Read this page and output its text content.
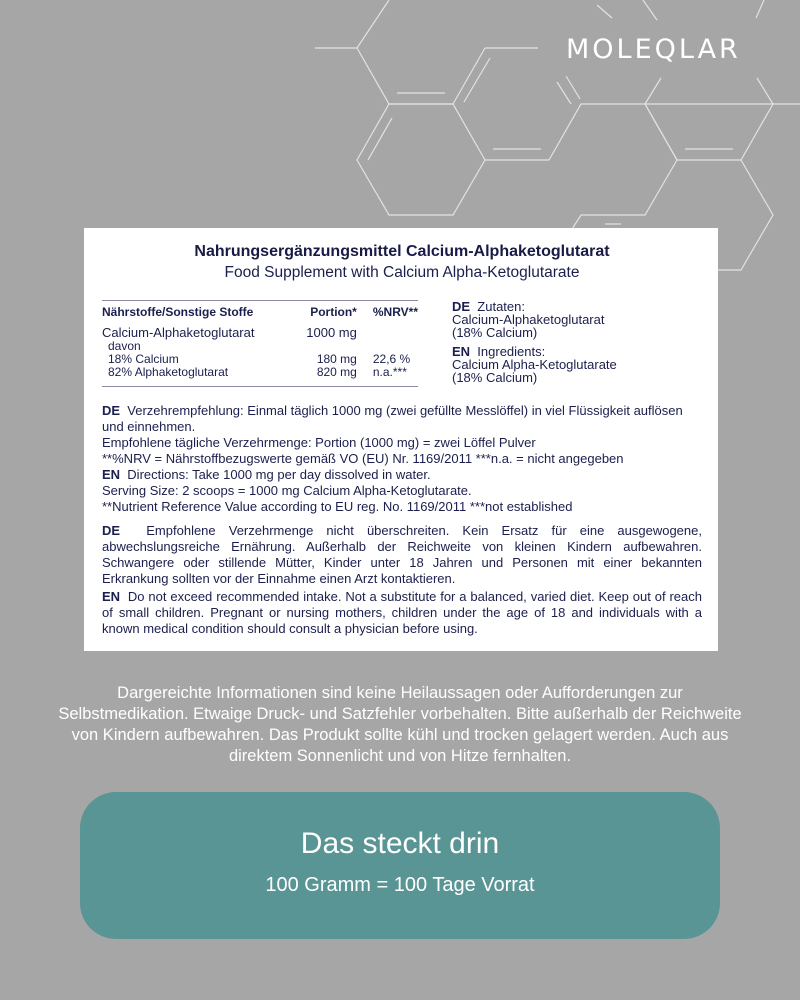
MOLEQLAR
Nahrungsergänzungsmittel Calcium-Alphaketoglutarat
Food Supplement with Calcium Alpha-Ketoglutarate
Nährstoffe/Sonstige Stoffe	Portion*	%NRV**
Calcium-Alphaketoglutarat	1000 mg	
davon		
18% Calcium	180 mg	22,6 %
82% Alphaketoglutarat	820 mg	n.a.***

DE Zutaten:
Calcium-Alphaketoglutarat
(18% Calcium)

EN Ingredients:
Calcium Alpha-Ketoglutarate
(18% Calcium)

DE Verzehrempfehlung: Einmal täglich 1000 mg (zwei gefüllte Messlöffel) in viel Flüssigkeit auflösen und einnehmen.

Empfohlene tägliche Verzehrmenge: Portion (1000 mg) = zwei Löffel Pulver

**%NRV = Nährstoffbezugswerte gemäß VO (EU) Nr. 1169/2011 ***n.a. = nicht angegeben

EN Directions: Take 1000 mg per day dissolved in water.

Serving Size: 2 scoops = 1000 mg Calcium Alpha-Ketoglutarate.

**Nutrient Reference Value according to EU reg. No. 1169/2011 ***not established

DE Empfohlene Verzehrmenge nicht überschreiten. Kein Ersatz für eine ausgewogene, abwechslungsreiche Ernährung. Außerhalb der Reichweite von kleinen Kindern aufbewahren. Schwangere oder stillende Mütter, Kinder unter 18 Jahren und Personen mit einer bekannten Erkrankung sollten vor der Einnahme einen Arzt kontaktieren.

EN Do not exceed recommended intake. Not a substitute for a balanced, varied diet. Keep out of reach of small children. Pregnant or nursing mothers, children under the age of 18 and individuals with a known medical condition should consult a physician before using.

Dargereichte Informationen sind keine Heilaussagen oder Aufforderungen zur Selbstmedikation. Etwaige Druck- und Satzfehler vorbehalten. Bitte außerhalb der Reichweite von Kindern aufbewahren. Das Produkt sollte kühl und trocken gelagert werden. Auch aus direktem Sonnenlicht und von Hitze fernhalten.
Das steckt drin
100 Gramm = 100 Tage Vorrat
